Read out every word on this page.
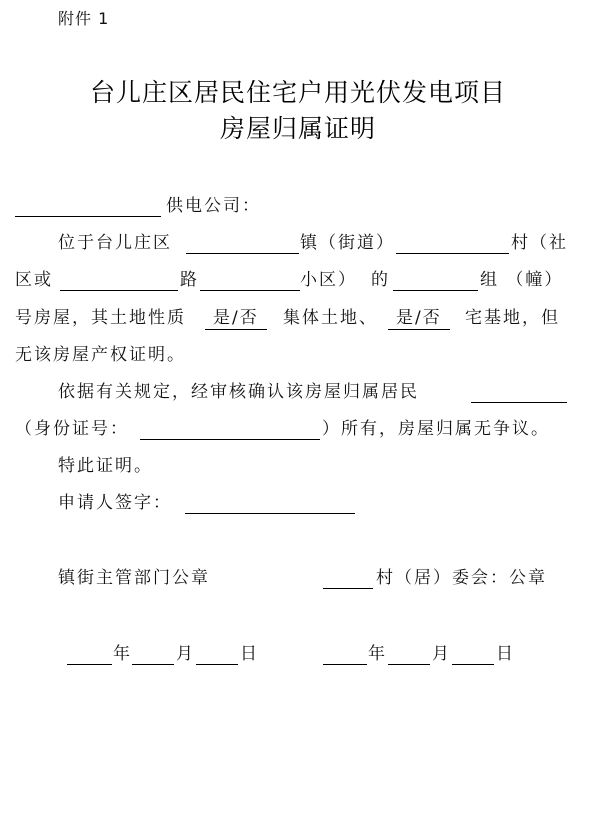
附件 1
台儿庄区居民住宅户用光伏发电项目
房屋归属证明
供电公司：
位于台儿庄区	镇（街道）	村（社
区或	路	小区） 的	组 （幢）
号房屋，其土地性质	是/否	集体土地、	是/否	宅基地，但
无该房屋产权证明。
依据有关规定，经审核确认该房屋归属居民
（身份证号：	）所有，房屋归属无争议。
特此证明。
申请人签字：
镇街主管部门公章	村（居）委会：公章
年	月	日	年	月	日
